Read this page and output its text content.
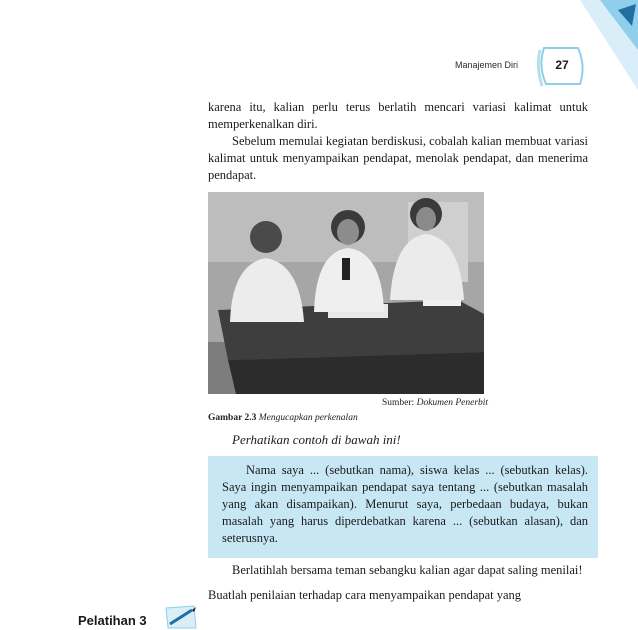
Manajemen Diri	27

karena itu, kalian perlu terus berlatih mencari variasi kalimat untuk memperkenalkan diri.

Sebelum memulai kegiatan berdiskusi, cobalah kalian membuat variasi kalimat untuk menyampaikan pendapat, menolak pendapat, dan menerima pendapat.

Sumber: Dokumen Penerbit
Gambar 2.3 Mengucapkan perkenalan
Perhatikan contoh di bawah ini!

Nama saya ... (sebutkan nama), siswa kelas ... (sebutkan kelas). Saya ingin menyampaikan pendapat saya tentang ... (sebutkan masalah yang akan disampaikan). Menurut saya, perbedaan budaya, bukan masalah yang harus diperdebatkan karena ... (sebutkan alasan), dan seterusnya.

Berlatihlah bersama teman sebangku kalian agar dapat saling menilai!

Buatlah penilaian terhadap cara menyampaikan pendapat yang

Pelatihan 3
